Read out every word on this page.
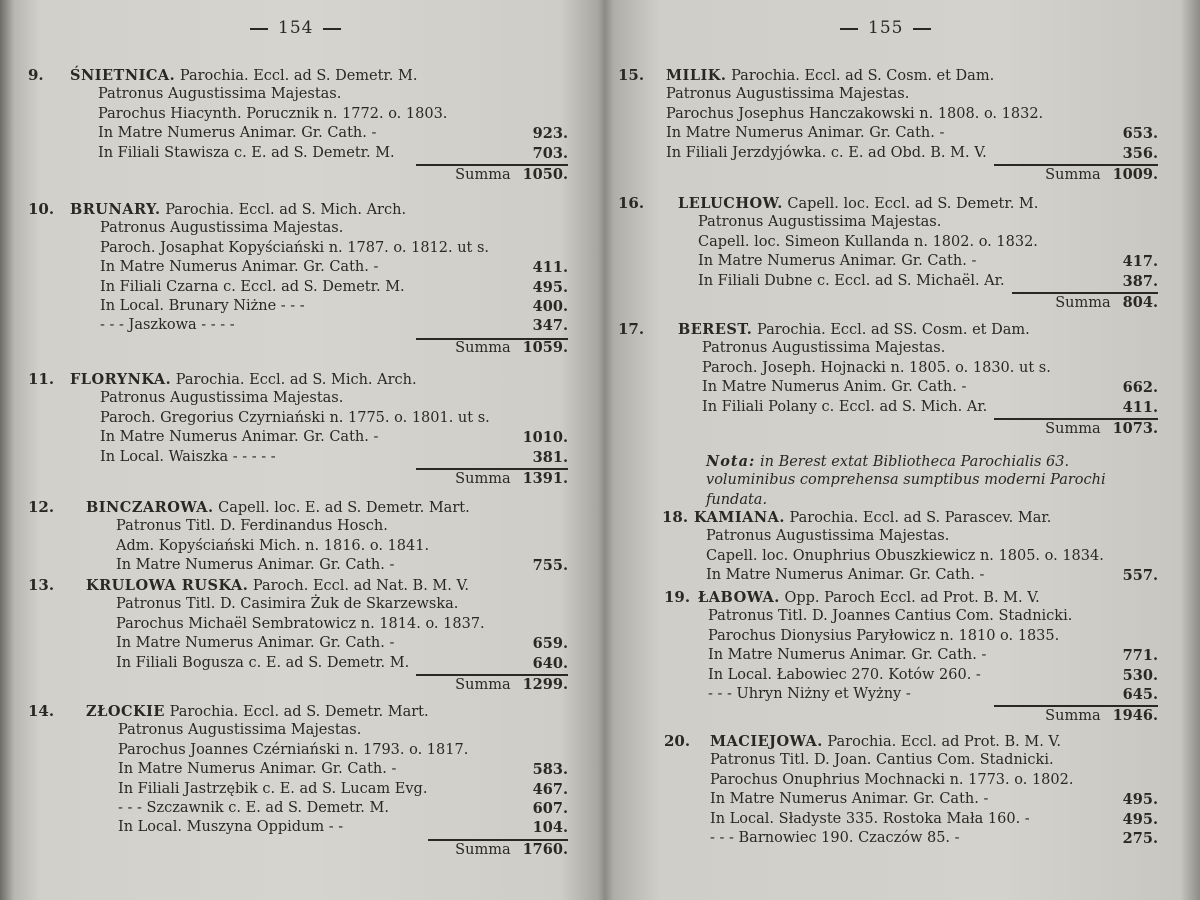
154
9. ŚNIETNICA. Parochia. Eccl. ad S. Demetr. M.
Patronus Augustissima Majestas.
Parochus Hiacynth. Porucznik n. 1772. o. 1803.
In Matre Numerus Animar. Gr. Cath. -	923.
In Filiali Stawisza c. E. ad S. Demetr. M.	703.
Summa 1050.
10. BRUNARY. Parochia. Eccl. ad S. Mich. Arch.
Patronus Augustissima Majestas.
Paroch. Josaphat Kopyściański n. 1787. o. 1812. ut s.
In Matre Numerus Animar. Gr. Cath. -	411.
In Filiali Czarna c. Eccl. ad S. Demetr. M.	495.
In Local. Brunary Niżne - - -	400.
- - - Jaszkowa - - - -	347.
Summa 1059.
11. FLORYNKA. Parochia. Eccl. ad S. Mich. Arch.
Patronus Augustissima Majestas.
Paroch. Gregorius Czyrniański n. 1775. o. 1801. ut s.
In Matre Numerus Animar. Gr. Cath. -	1010.
In Local. Waiszka - - - - -	381.
Summa 1391.
12. BINCZAROWA. Capell. loc. E. ad S. Demetr. Mart.
Patronus Titl. D. Ferdinandus Hosch.
Adm. Kopyściański Mich. n. 1816. o. 1841.
In Matre Numerus Animar. Gr. Cath. -	755.
13. KRULOWA RUSKA. Paroch. Eccl. ad Nat. B. M. V.
Patronus Titl. D. Casimira Żuk de Skarzewska.
Parochus Michaël Sembratowicz n. 1814. o. 1837.
In Matre Numerus Animar. Gr. Cath. -	659.
In Filiali Bogusza c. E. ad S. Demetr. M.	640.
Summa 1299.
14. ZŁOCKIE Parochia. Eccl. ad S. Demetr. Mart.
Patronus Augustissima Majestas.
Parochus Joannes Czérniański n. 1793. o. 1817.
In Matre Numerus Animar. Gr. Cath. -	583.
In Filiali Jastrzębik c. E. ad S. Lucam Evg.	467.
- - - Szczawnik c. E. ad S. Demetr. M.	607.
In Local. Muszyna Oppidum - -	104.
Summa 1760.
155
15. MILIK. Parochia. Eccl. ad S. Cosm. et Dam.
Patronus Augustissima Majestas.
Parochus Josephus Hanczakowski n. 1808. o. 1832.
In Matre Numerus Animar. Gr. Cath. -	653.
In Filiali Jerzdyjówka. c. E. ad Obd. B. M. V.	356.
Summa 1009.
16. LELUCHOW. Capell. loc. Eccl. ad S. Demetr. M.
Patronus Augustissima Majestas.
Capell. loc. Simeon Kullanda n. 1802. o. 1832.
In Matre Numerus Animar. Gr. Cath. -	417.
In Filiali Dubne c. Eccl. ad S. Michaël. Ar.	387.
Summa 804.
17. BEREST. Parochia. Eccl. ad SS. Cosm. et Dam.
Patronus Augustissima Majestas.
Paroch. Joseph. Hojnacki n. 1805. o. 1830. ut s.
In Matre Numerus Anim. Gr. Cath. -	662.
In Filiali Polany c. Eccl. ad S. Mich. Ar.	411.
Summa 1073.
Nota: in Berest extat Bibliotheca Parochialis 63.
voluminibus comprehensa sumptibus moderni Parochi
fundata.
18. KAMIANA. Parochia. Eccl. ad S. Parascev. Mar.
Patronus Augustissima Majestas.
Capell. loc. Onuphrius Obuszkiewicz n. 1805. o. 1834.
In Matre Numerus Animar. Gr. Cath. -	557.
19. ŁABOWA. Opp. Paroch Eccl. ad Prot. B. M. V.
Patronus Titl. D. Joannes Cantius Com. Stadnicki.
Parochus Dionysius Paryłowicz n. 1810 o. 1835.
In Matre Numerus Animar. Gr. Cath. -	771.
In Local. Łabowiec 270. Kotów 260. -	530.
- - - Uhryn Niżny et Wyżny -	645.
Summa 1946.
20. MACIEJOWA. Parochia. Eccl. ad Prot. B. M. V.
Patronus Titl. D. Joan. Cantius Com. Stadnicki.
Parochus Onuphrius Mochnacki n. 1773. o. 1802.
In Matre Numerus Animar. Gr. Cath. -	495.
In Local. Sładyste 335. Rostoka Mała 160. -	495.
- - - Barnowiec 190. Czaczów 85. -	275.
